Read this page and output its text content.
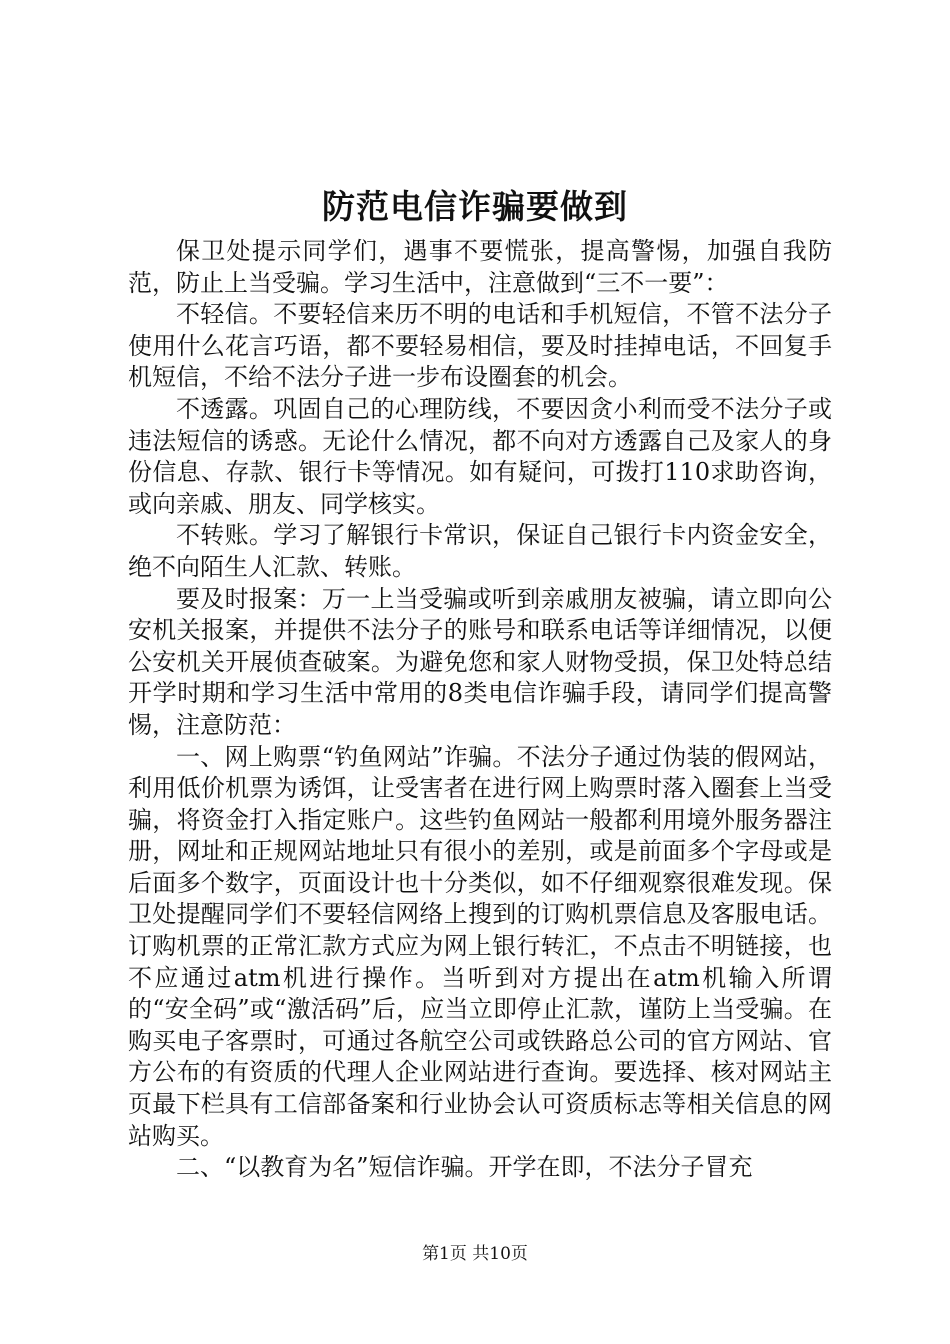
防范电信诈骗要做到

保卫处提示同学们，遇事不要慌张，提高警惕，加强自我防范，防止上当受骗。学习生活中，注意做到“三不一要”：

不轻信。不要轻信来历不明的电话和手机短信，不管不法分子使用什么花言巧语，都不要轻易相信，要及时挂掉电话，不回复手机短信，不给不法分子进一步布设圈套的机会。

不透露。巩固自己的心理防线，不要因贪小利而受不法分子或违法短信的诱惑。无论什么情况，都不向对方透露自己及家人的身份信息、存款、银行卡等情况。如有疑问，可拨打110求助咨询，或向亲戚、朋友、同学核实。

不转账。学习了解银行卡常识，保证自己银行卡内资金安全，绝不向陌生人汇款、转账。

要及时报案：万一上当受骗或听到亲戚朋友被骗，请立即向公安机关报案，并提供不法分子的账号和联系电话等详细情况，以便公安机关开展侦查破案。为避免您和家人财物受损，保卫处特总结开学时期和学习生活中常用的8类电信诈骗手段，请同学们提高警惕，注意防范：

一、网上购票“钓鱼网站”诈骗。不法分子通过伪装的假网站，利用低价机票为诱饵，让受害者在进行网上购票时落入圈套上当受骗，将资金打入指定账户。这些钓鱼网站一般都利用境外服务器注册，网址和正规网站地址只有很小的差别，或是前面多个字母或是后面多个数字，页面设计也十分类似，如不仔细观察很难发现。保卫处提醒同学们不要轻信网络上搜到的订购机票信息及客服电话。订购机票的正常汇款方式应为网上银行转汇，不点击不明链接，也不应通过atm机进行操作。当听到对方提出在atm机输入所谓的“安全码”或“激活码”后，应当立即停止汇款，谨防上当受骗。在购买电子客票时，可通过各航空公司或铁路总公司的官方网站、官方公布的有资质的代理人企业网站进行查询。要选择、核对网站主页最下栏具有工信部备案和行业协会认可资质标志等相关信息的网站购买。

二、“以教育为名”短信诈骗。开学在即，不法分子冒充

第1页 共10页
